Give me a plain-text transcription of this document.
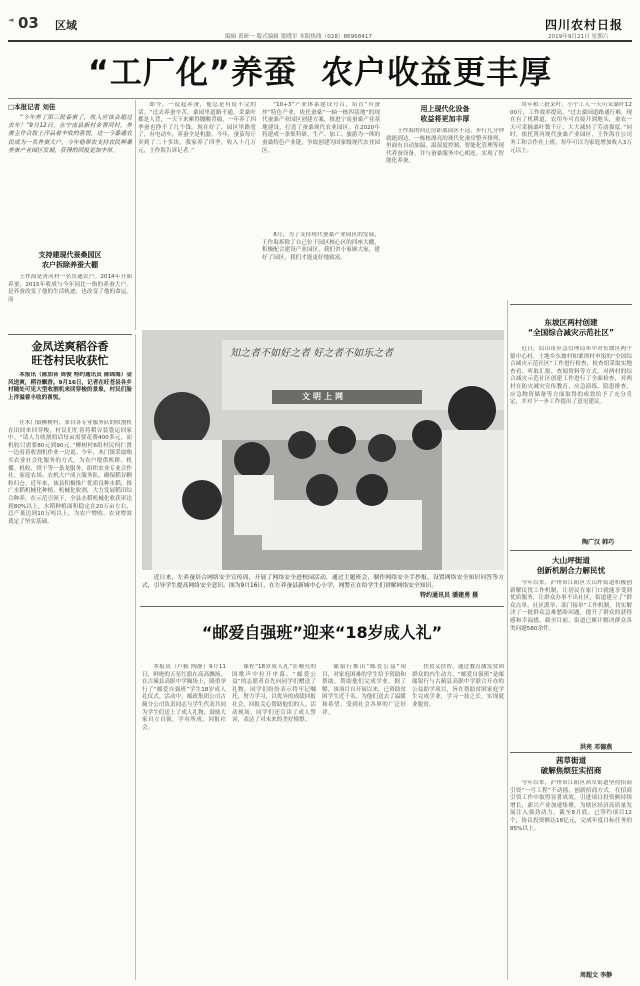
◄ 03 区域	四川农村日报
编辑 黄研一 版式编辑 梁晓军 本版热线（028）86968417	2019年9月21日 星期六
“工厂化”养蚕  农户收益更丰厚
□本报记者 刘佳

“今年养了第三批春蚕了，收入应该会超过去年！”9月12日，在宁南县新村乡箐河村，养蚕主作合股上洋品着丰收的喜悦。这一今番通农民成为一名养蚕大户，今年他带农支持农民种桑养蚕产业园区发展，获得的回报更加丰厚。

支持建现代蚕桑园区
农户拆除养蚕大棚

王作海是箐河村一名普通农户。2014年开始养蚕，2015年收成与今年同比一指的养蚕大户。是养蚕改变了他的生活轨迹，也改变了他的命运。而

如今，一说起养蚕，他总是有说不完的话。“过去养蚕辛苦，桑园里道路不通，采桑叶都是人背，一天下来累得腰酸背痛，一年养了四季蚕也挣不了几个钱。现在好了，园区里路宽了，有电动车，养蚕全是机器。今年，蚕茧每斤卖到了二十多块，我家养了四季，收入十几万元，王作海告诉记者。”

“10+3”产业体系建设号召，培育“川蚕丝”特色产业，依托蚕桑“一轴一核四基地”的现代蚕桑产业园区创建方案，推进宁南蚕桑产业基地建设，打造了蚕桑现代农业园区。在2020年将建成一条集科研、生产、加工、旅游为一体的蚕桑特色产业链，争取创建为国家级现代农业园区。

8月，为了支持现代蚕桑产业园区的发展，王作海拆除了自己位于园区核心区的四座大棚，积极配合建设产业园区，我们舍小家顾大家，建好了园区，我们才能更好地致富。

用上现代化设备
收益将更加丰厚

王作海的回迁房距离园区不远，步行几分钟就能到达。一栋栋漂亮的现代化蚕房整齐排列，里面有自动加温、温湿度控制、智能化管理等现代养蚕设备，并与蚕桑服务中心相连，实现了智能化养蚕。

用年和三批采叶，小个工人一天可采桑叶1200斤，工作效率提高。“过去桑园道路通行难，现在有了机耕道，农用车可直接开到地头，蚕农一天可采摘桑叶数千斤，大大减轻了劳动强度。”同时，依托箐河现代蚕桑产业园区，王作海在公司务工和合作社上班，每年可以为家庭增加收入3万元以上。

金凤送爽稻谷香
旺苍村民收获忙

本报讯（陈加音 周俊 特约通讯员 陈锦海）金风送爽，稻谷飘香。9月16日，记者在旺苍县各乡村随处可见大型收割机来回穿梭的景象，村民们脸上洋溢着丰收的喜悦。

在木门镇柳树村，来自各专业服务队的收割机在田间来回穿梭，村民们忙着将稻谷装袋运回家中。“请人力收割的话每亩需要花费400多元，而机收只需要80元到90元。”柳树村6组村民何仁贤一边看着收割机作业一边说。今年，木门镇采取购买农业社会化服务的方式，为农户提供机耕、机播、机收、烘干等一条龙服务，组织农业专业合作社、家庭农场、农机大户成立服务队，确保稻谷颗粒归仓。近年来，该县积极推广优质良种水稻，推广水稻机械化种植、机械化收割，大力发展稻田综合种养，在示范引领下，全县水稻机械化收获率达到80%以上，水稻种植面积稳定在20万亩左右，总产量达到10万吨以上，为农户增收、农业增效奠定了坚实基础。

知之者不如好之者 好之者不如乐之者
文明上网

近日来，左养蚕培合网络安全宣传周，开展了网络安全进校园活动，通过主题班会、制作网络安全手抄报、设置网络安全知识问答等方式，引导学生提高网络安全意识。图为9月16日，在左养蚕县新城中心小学，网警正在给学生们讲解网络安全知识。

特约通讯员 潘建勇 摄
东坡区两村创建
“全国综合减灾示范社区”

近日，眉山市应急管理局率中对东坡区两个镇中心村、土地乡东坡村和栗坝村申报的“全国综合减灾示范社区”工作进行检查，检查组采取实地查看、听取汇报、查阅资料等方式，对两村的综合减灾示范社区创建工作进行了全面检查，对两村在防灾减灾宣传教育、应急演练、隐患排查、应急物资储备等方面取得的成效给予了充分肯定，并对下一步工作提出了意见建议。

陶广汉 韩巧
大山坪街道
创新机制合力解民忧

今年以来，泸州市江阳区大山坪街道积极创新解民忧工作机制，让居民在家门口就能享受到优质服务，让群众办事不出社区，街道建立了“群众点单、社区派单、部门接单”工作机制，切实解决了一批群众急难愁盼问题，提升了群众的获得感和幸福感。截至目前，街道已累计解决群众各类问题580余件。

洪亮 邓德燕
茜草街道
破解焦烦狂实招商

今年以来，泸州市江阳区茜草街道坚持招商引资“一号工程”不动摇，创新招商方式，在招商引资工作中取得显著成效，引进项目投资额持续增长，新兴产业加速集聚，为辖区经济高质量发展注入强劲动力，截至8月底，已签约项目12个，协议投资额达18亿元，完成年度目标任务的85%以上。

周超文 李静
“邮爱自强班”迎来“18岁成人礼”

本报讯（卢筱 陶静）9月11日，鲜艳的五星红旗在高高飘扬，在古蔺县高职中学操场上，隆重举行了“邮爱自强班”学生18岁成人礼仪式。活动中，邮政集团公司古蔺分公司负责同志与学生代表共同为学生们送上了成人礼物，鼓励大家自立自强，学有所成，回报社会。

课程“18岁成人礼”在嘹亮的国歌声中拉开序幕，“邮爱公益”的志愿者首先向同学们赠送了礼物，同学们纷纷表示将牢记嘱托，努力学习，以优异的成绩回报社会，回报关心帮助他们的人。活动现场，同学们还宣读了成人誓词，表达了对未来的美好憧憬。

储银行推出“邮爱公益”项目，对家庭困难的学生给予资助和帮助，帮助他们完成学业。据了解，该项目自开展以来，已资助贫困学生近千名，为他们送去了温暖和希望，受到社会各界的广泛好评。

扶贫又扶智，通过教育激发贫困群众的内生动力，“邮爱自强班”是邮储银行与古蔺县高职中学联合开办的公益助学项目，旨在帮助贫困家庭学生完成学业，学习一技之长，实现就业脱贫。
